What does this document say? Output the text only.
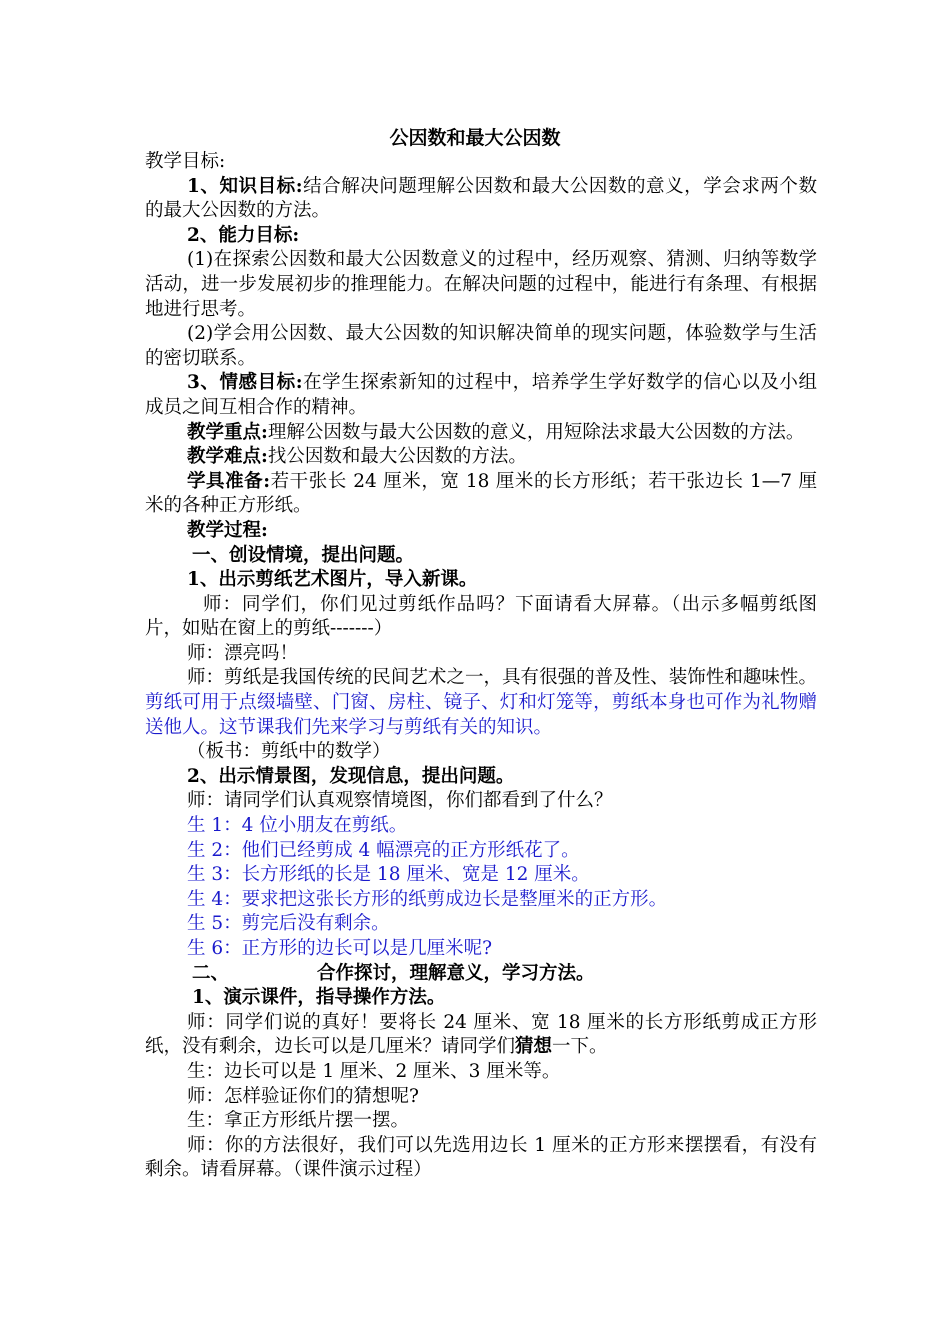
公因数和最大公因数

教学目标:

1、知识目标:结合解决问题理解公因数和最大公因数的意义，学会求两个数的最大公因数的方法。

2、能力目标:

(1)在探索公因数和最大公因数意义的过程中，经历观察、猜测、归纳等数学活动，进一步发展初步的推理能力。在解决问题的过程中，能进行有条理、有根据地进行思考。

(2)学会用公因数、最大公因数的知识解决简单的现实问题，体验数学与生活的密切联系。

3、情感目标:在学生探索新知的过程中，培养学生学好数学的信心以及小组成员之间互相合作的精神。

教学重点:理解公因数与最大公因数的意义，用短除法求最大公因数的方法。

教学难点:找公因数和最大公因数的方法。

学具准备:若干张长 24 厘米，宽 18 厘米的长方形纸；若干张边长 1—7 厘米的各种正方形纸。

教学过程:

一、创设情境，提出问题。

1、出示剪纸艺术图片，导入新课。

师：同学们，你们见过剪纸作品吗？下面请看大屏幕。（出示多幅剪纸图片，如贴在窗上的剪纸-------）

师：漂亮吗！

师：剪纸是我国传统的民间艺术之一，具有很强的普及性、装饰性和趣味性。剪纸可用于点缀墙壁、门窗、房柱、镜子、灯和灯笼等，剪纸本身也可作为礼物赠送他人。这节课我们先来学习与剪纸有关的知识。

（板书：剪纸中的数学）

2、出示情景图，发现信息，提出问题。

师：请同学们认真观察情境图，你们都看到了什么？

生 1：4 位小朋友在剪纸。

生 2：他们已经剪成 4 幅漂亮的正方形纸花了。

生 3：长方形纸的长是 18 厘米、宽是 12 厘米。

生 4：要求把这张长方形的纸剪成边长是整厘米的正方形。

生 5：剪完后没有剩余。

生 6：正方形的边长可以是几厘米呢?

二、	合作探讨，理解意义，学习方法。

1、演示课件，指导操作方法。

师：同学们说的真好！要将长 24 厘米、宽 18 厘米的长方形纸剪成正方形纸，没有剩余，边长可以是几厘米？请同学们猜想一下。

生：边长可以是 1 厘米、2 厘米、3 厘米等。

师：怎样验证你们的猜想呢?

生：拿正方形纸片摆一摆。

师：你的方法很好，我们可以先选用边长 1 厘米的正方形来摆摆看，有没有剩余。请看屏幕。（课件演示过程）
